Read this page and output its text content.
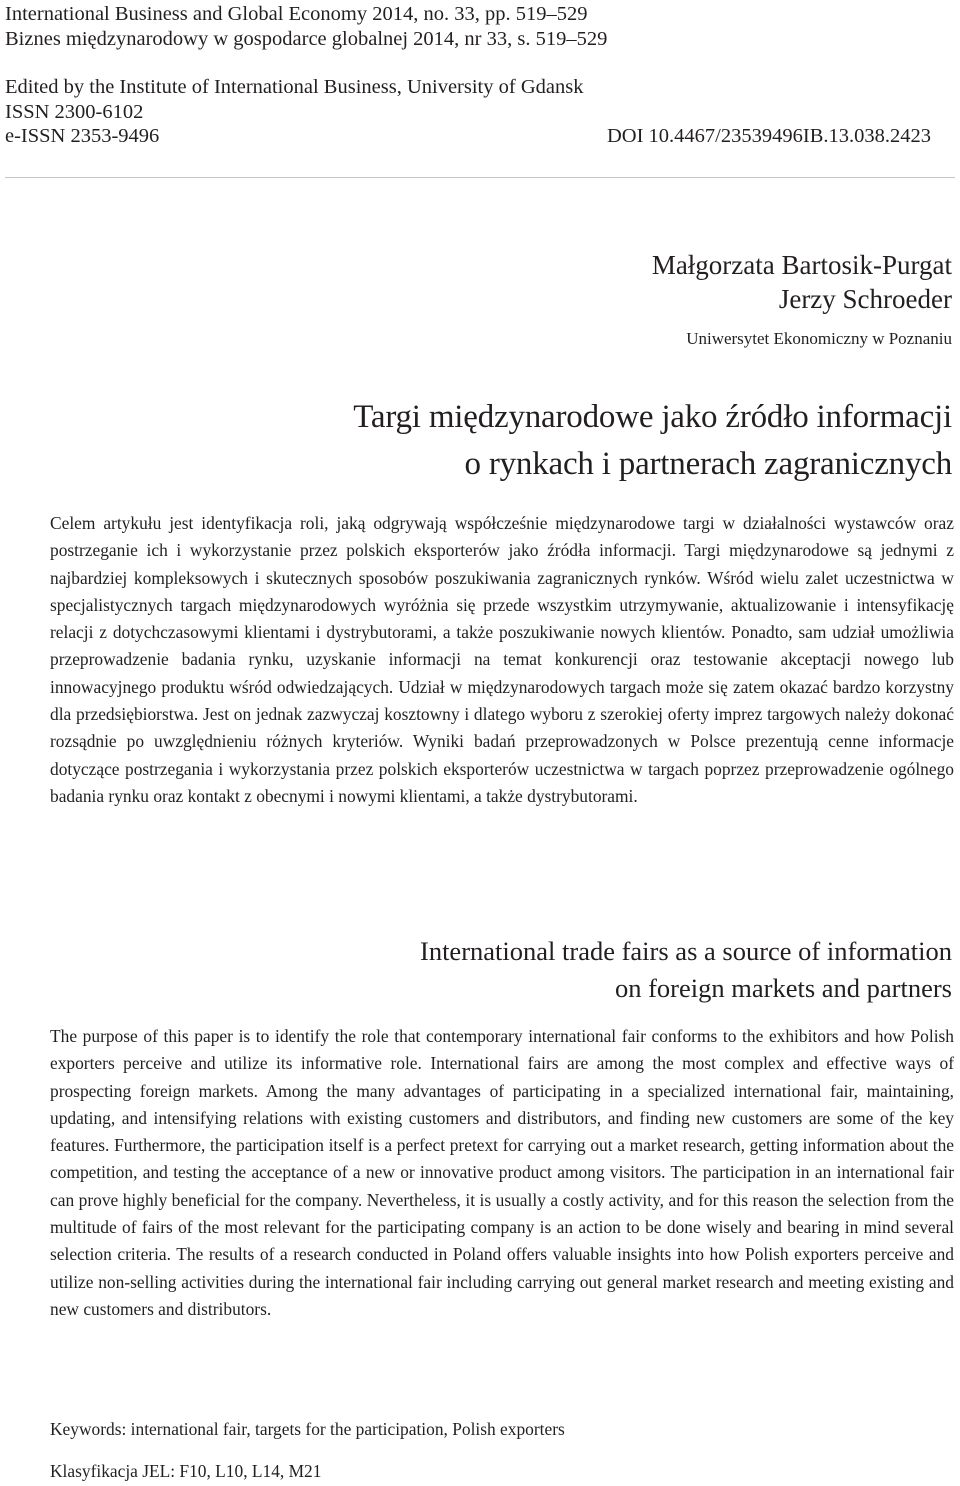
International Business and Global Economy 2014, no. 33, pp. 519–529
Biznes międzynarodowy w gospodarce globalnej 2014, nr 33, s. 519–529
Edited by the Institute of International Business, University of Gdansk
ISSN 2300-6102
e-ISSN 2353-9496	DOI 10.4467/23539496IB.13.038.2423
Małgorzata Bartosik-Purgat
Jerzy Schroeder
Uniwersytet Ekonomiczny w Poznaniu
Targi międzynarodowe jako źródło informacji
o rynkach i partnerach zagranicznych

Celem artykułu jest identyfikacja roli, jaką odgrywają współcześnie międzynarodowe targi w działalności wystawców oraz postrzeganie ich i wykorzystanie przez polskich eksporterów jako źródła informacji. Targi międzynarodowe są jednymi z najbardziej kompleksowych i skutecznych sposobów poszukiwania zagranicznych rynków. Wśród wielu zalet uczestnictwa w specjalistycznych targach międzynarodowych wyróżnia się przede wszystkim utrzymywanie, aktualizowanie i intensyfikację relacji z dotychczasowymi klientami i dystrybutorami, a także poszukiwanie nowych klientów. Ponadto, sam udział umożliwia przeprowadzenie badania rynku, uzyskanie informacji na temat konkurencji oraz testowanie akceptacji nowego lub innowacyjnego produktu wśród odwiedzających. Udział w międzynarodowych targach może się zatem okazać bardzo korzystny dla przedsiębiorstwa. Jest on jednak zazwyczaj kosztowny i dlatego wyboru z szerokiej oferty imprez targowych należy dokonać rozsądnie po uwzględnieniu różnych kryteriów. Wyniki badań przeprowadzonych w Polsce prezentują cenne informacje dotyczące postrzegania i wykorzystania przez polskich eksporterów uczestnictwa w targach poprzez przeprowadzenie ogólnego badania rynku oraz kontakt z obecnymi i nowymi klientami, a także dystrybutorami.

International trade fairs as a source of information
on foreign markets and partners

The purpose of this paper is to identify the role that contemporary international fair conforms to the exhibitors and how Polish exporters perceive and utilize its informative role. International fairs are among the most complex and effective ways of prospecting foreign markets. Among the many advantages of participating in a specialized international fair, maintaining, updating, and intensifying relations with existing customers and distributors, and finding new customers are some of the key features. Furthermore, the participation itself is a perfect pretext for carrying out a market research, getting information about the competition, and testing the acceptance of a new or innovative product among visitors. The participation in an international fair can prove highly beneficial for the company. Nevertheless, it is usually a costly activity, and for this reason the selection from the multitude of fairs of the most relevant for the participating company is an action to be done wisely and bearing in mind several selection criteria. The results of a research conducted in Poland offers valuable insights into how Polish exporters perceive and utilize non-selling activities during the international fair including carrying out general market research and meeting existing and new customers and distributors.

Keywords: international fair, targets for the participation, Polish exporters
Klasyfikacja JEL: F10, L10, L14, M21
